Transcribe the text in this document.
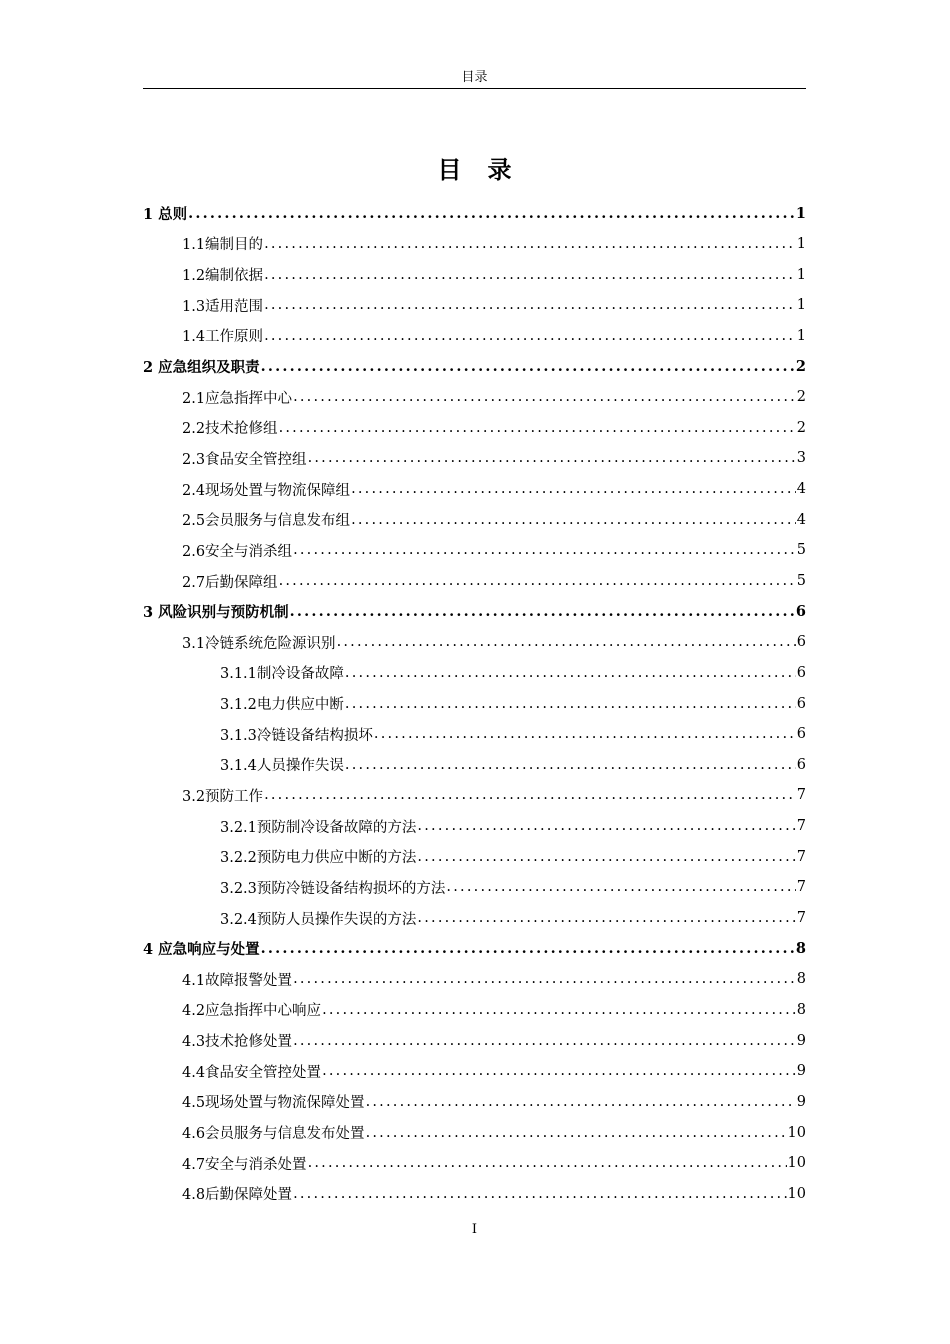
目录
目录
1 总则 .....	1
1.1编制目的 .....	1
1.2编制依据 .....	1
1.3适用范围 .....	1
1.4工作原则 .....	1
2 应急组织及职责 .....	2
2.1应急指挥中心 .....	2
2.2技术抢修组 .....	2
2.3食品安全管控组 .....	3
2.4现场处置与物流保障组 .....	4
2.5会员服务与信息发布组 .....	4
2.6安全与消杀组 .....	5
2.7后勤保障组 .....	5
3 风险识别与预防机制 .....	6
3.1冷链系统危险源识别 .....	6
3.1.1制冷设备故障 .....	6
3.1.2电力供应中断 .....	6
3.1.3冷链设备结构损坏 .....	6
3.1.4人员操作失误 .....	6
3.2预防工作 .....	7
3.2.1预防制冷设备故障的方法 .....	7
3.2.2预防电力供应中断的方法 .....	7
3.2.3预防冷链设备结构损坏的方法 .....	7
3.2.4预防人员操作失误的方法 .....	7
4 应急响应与处置 .....	8
4.1故障报警处置 .....	8
4.2应急指挥中心响应 .....	8
4.3技术抢修处置 .....	9
4.4食品安全管控处置 .....	9
4.5现场处置与物流保障处置 .....	9
4.6会员服务与信息发布处置 .....	10
4.7安全与消杀处置 .....	10
4.8后勤保障处置 .....	10
I
